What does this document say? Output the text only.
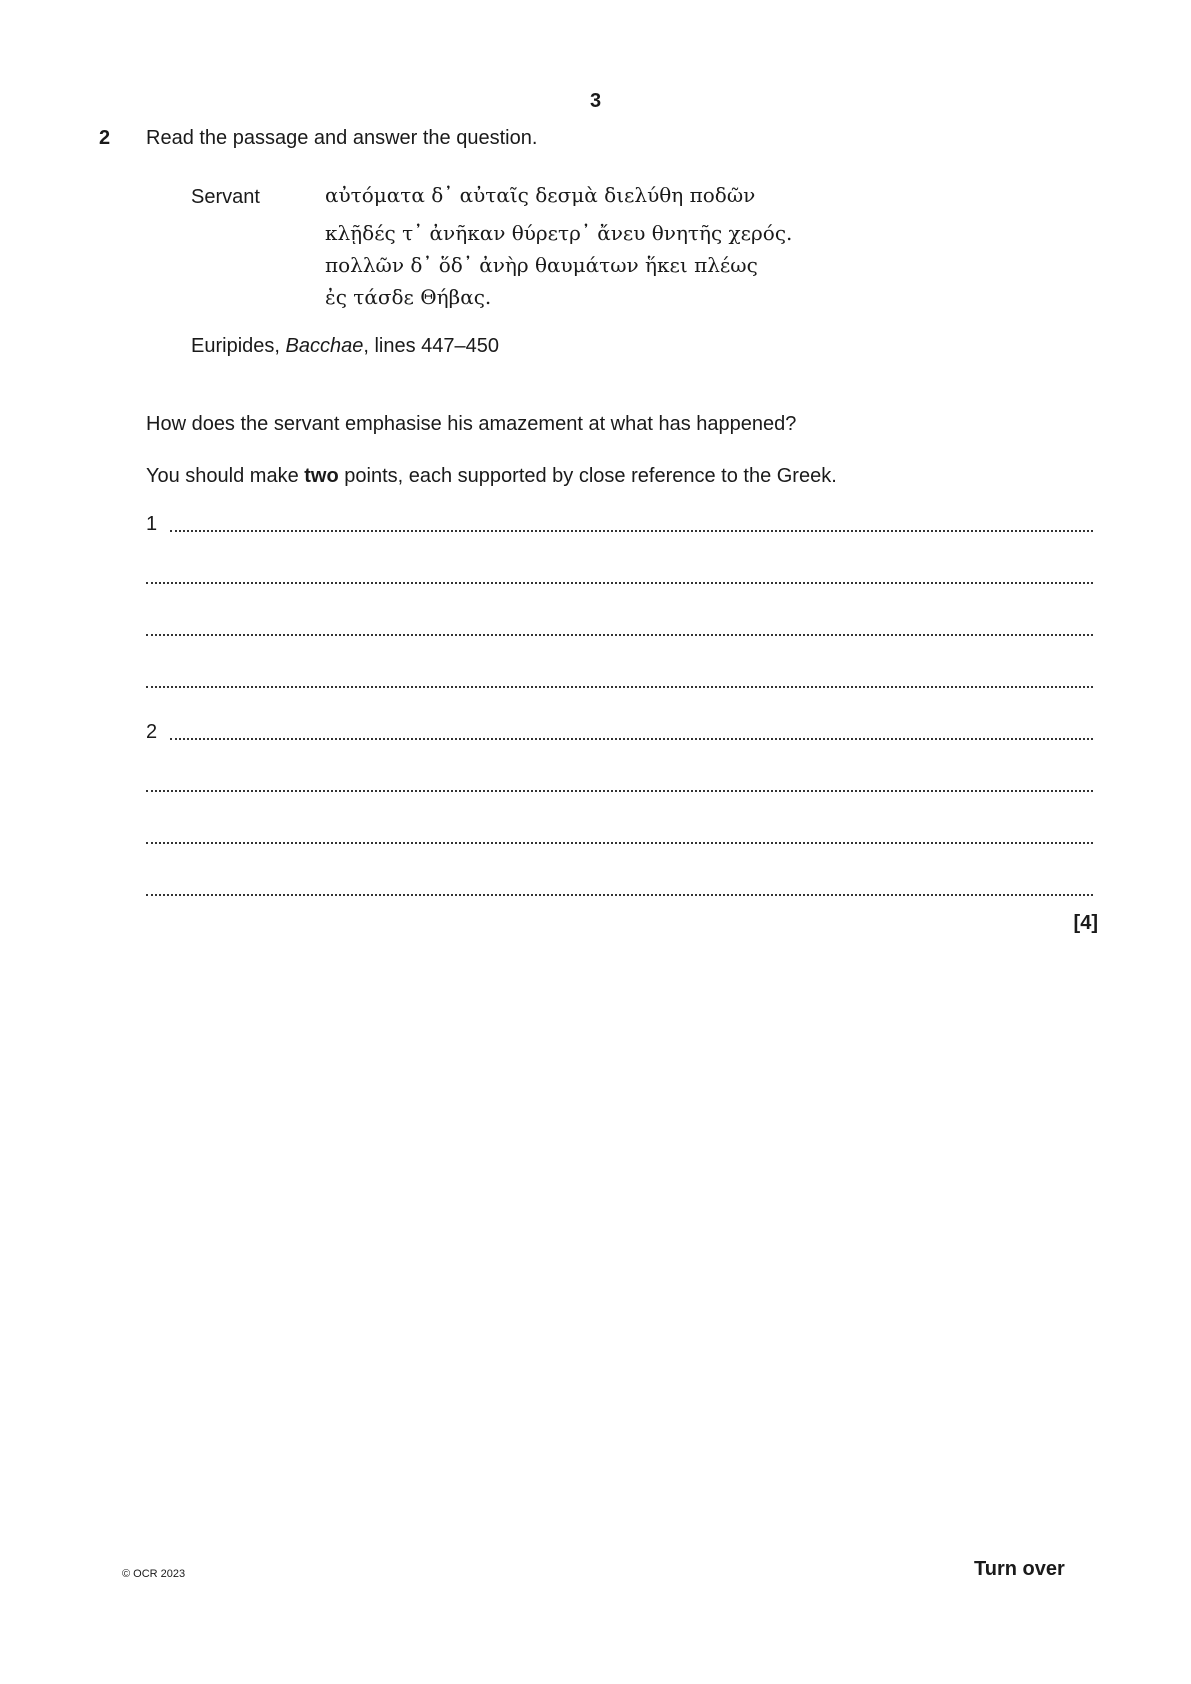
3
2 Read the passage and answer the question.
Servant	αὐτόματα δ᾽ αὐταῖς δεσμὰ διελύθη ποδῶν
κλῇδές τ᾽ ἀνῆκαν θύρετρ᾽ ἄνευ θνητῆς χερός.
πολλῶν δ᾽ ὅδ᾽ ἀνὴρ θαυμάτων ἥκει πλέως
ἐς τάσδε Θήβας.
Euripides, Bacchae, lines 447–450
How does the servant emphasise his amazement at what has happened?
You should make two points, each supported by close reference to the Greek.
1
2
[4]
© OCR 2023	Turn over
